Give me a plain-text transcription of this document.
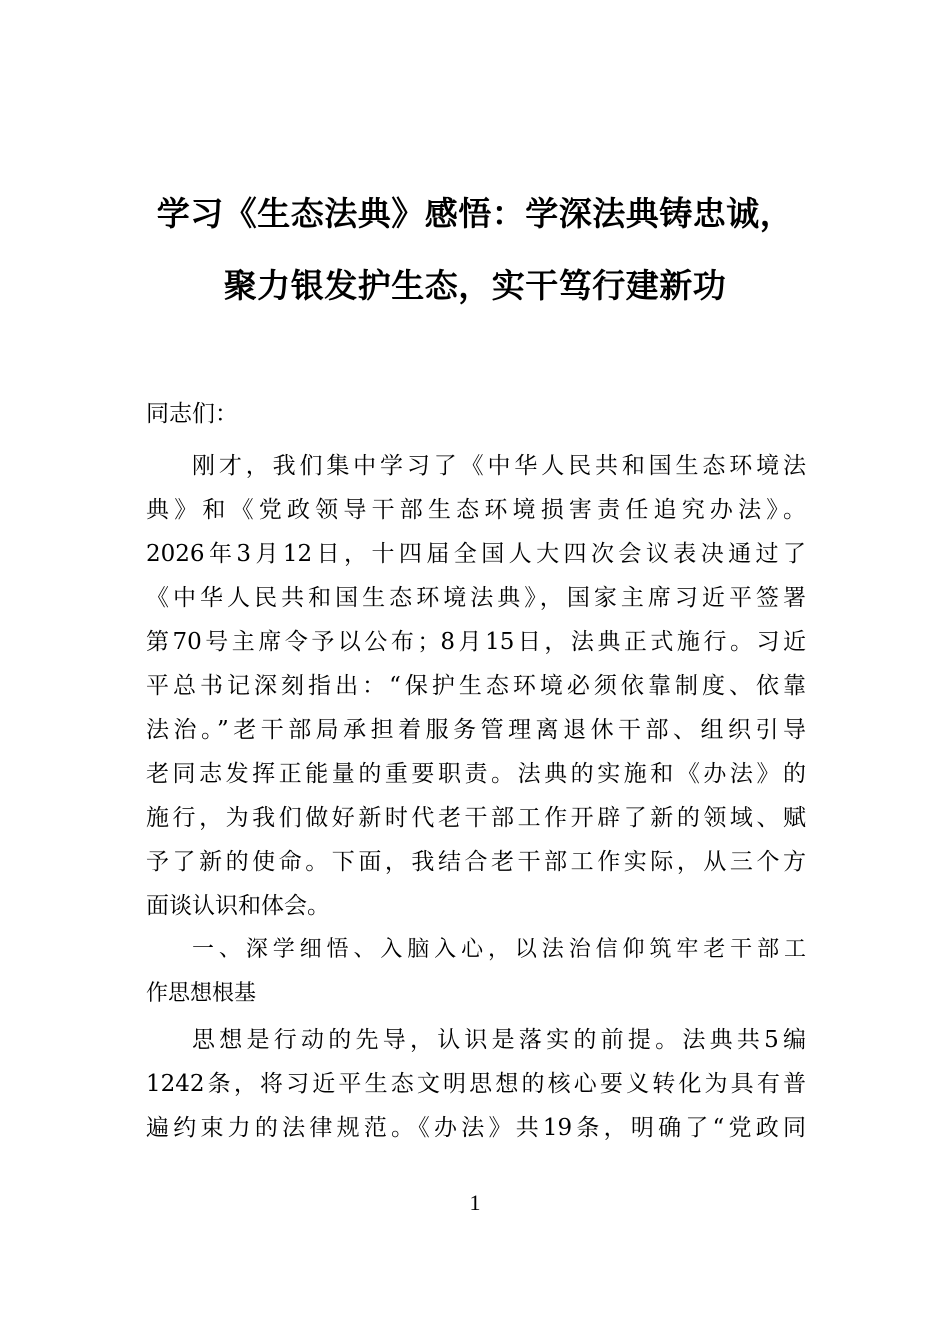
学习《生态法典》感悟：学深法典铸忠诚，
聚力银发护生态，实干笃行建新功
同志们：
刚才，我们集中学习了《中华人民共和国生态环境法
典》和《党政领导干部生态环境损害责任追究办法》。
2026年3月12日，十四届全国人大四次会议表决通过了
《中华人民共和国生态环境法典》，国家主席习近平签署
第70号主席令予以公布；8月15日，法典正式施行。习近
平总书记深刻指出：“保护生态环境必须依靠制度、依靠
法治。”老干部局承担着服务管理离退休干部、组织引导
老同志发挥正能量的重要职责。法典的实施和《办法》的
施行，为我们做好新时代老干部工作开辟了新的领域、赋
予了新的使命。下面，我结合老干部工作实际，从三个方
面谈认识和体会。
一、深学细悟、入脑入心，以法治信仰筑牢老干部工
作思想根基
思想是行动的先导，认识是落实的前提。法典共5编
1242条，将习近平生态文明思想的核心要义转化为具有普
遍约束力的法律规范。《办法》共19条，明确了“党政同
1
